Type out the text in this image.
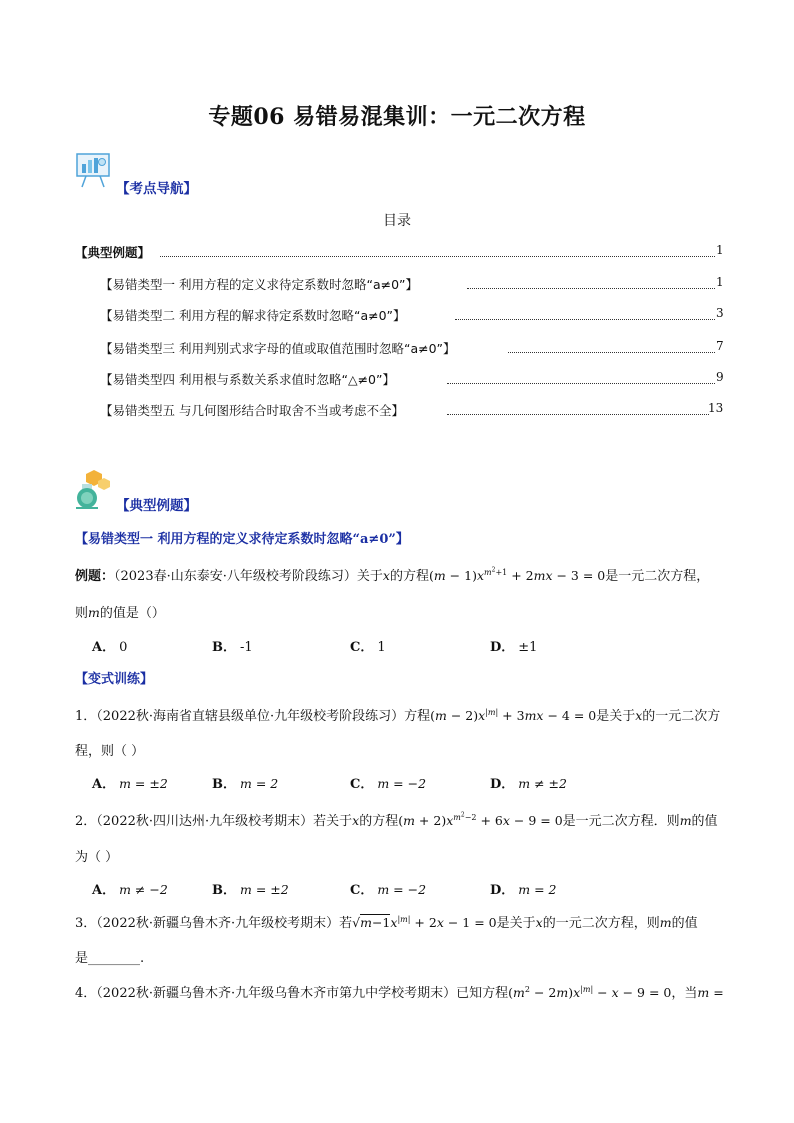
专题06 易错易混集训：一元二次方程
【考点导航】
目录
【典型例题】	1
【易错类型一 利用方程的定义求待定系数时忽略“a≠0”】	1
【易错类型二 利用方程的解求待定系数时忽略“a≠0”】	3
【易错类型三 利用判别式求字母的值或取值范围时忽略“a≠0”】	7
【易错类型四 利用根与系数关系求值时忽略“△≠0”】	9
【易错类型五 与几何图形结合时取舍不当或考虑不全】	13
【典型例题】
【易错类型一 利用方程的定义求待定系数时忽略“a≠0”】
例题：（2023春·山东泰安·八年级校考阶段练习）关于x的方程$(m - 1)x^{m^2+1} + 2mx - 3 = 0$是一元二次方程，
则m的值是（）
A． 0	B． -1	C． 1	D． ±1
【变式训练】
1．（2022秋·海南省直辖县级单位·九年级校考阶段练习）方程$(m - 2)x^{|m|} + 3mx - 4 = 0$是关于x的一元二次方
程，则（ ）
A． m = ±2	B． m = 2	C． m = −2	D． m ≠ ±2
2．（2022秋·四川达州·九年级校考期末）若关于x的方程$(m + 2)x^{m^2-2} + 6x - 9 = 0$是一元二次方程．则m的值
为（ ）
A． m ≠ −2	B． m = ±2	C． m = −2	D． m = 2
3．（2022秋·新疆乌鲁木齐·九年级校考期末）若$√m-1x^{|m|} + 2x - 1 = 0$是关于x的一元二次方程，则m的值
是________.
4．（2022秋·新疆乌鲁木齐·九年级乌鲁木齐市第九中学校考期末）已知方程$(m^2 - 2m)x^{|m|} - x - 9 = 0$，当m =
